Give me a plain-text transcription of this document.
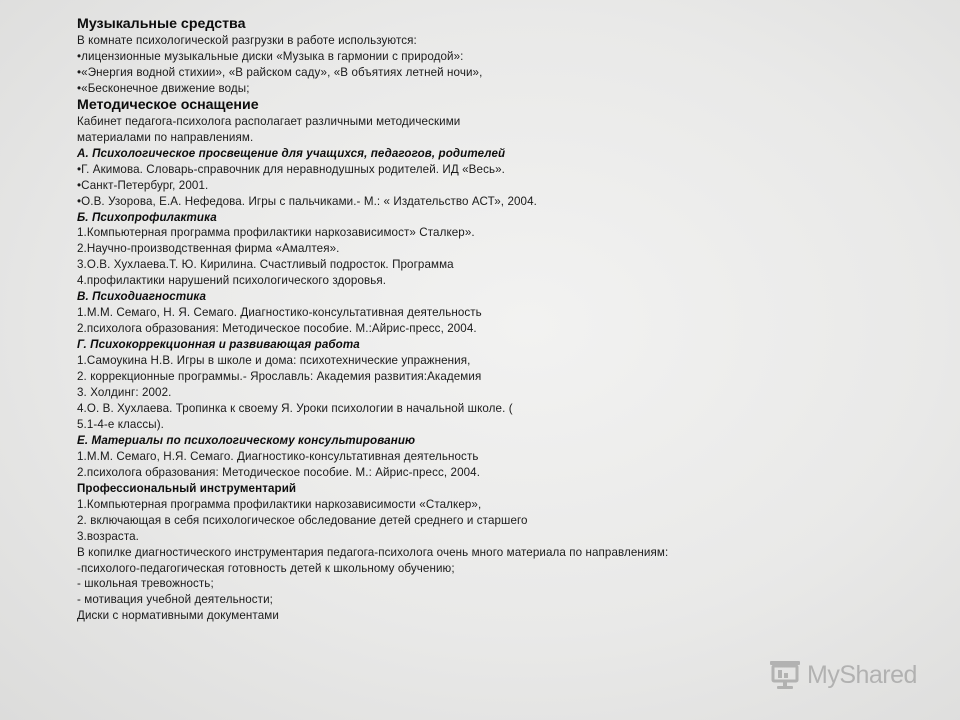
Музыкальные средства
В комнате психологической разгрузки в работе используются:
•лицензионные музыкальные диски «Музыка в гармонии с природой»:
•«Энергия водной стихии», «В райском саду», «В объятиях летней ночи»,
•«Бесконечное движение воды;
Методическое оснащение
Кабинет педагога-психолога располагает различными методическими
материалами по направлениям.
А. Психологическое просвещение для учащихся, педагогов, родителей
•Г. Акимова. Словарь-справочник для неравнодушных родителей. ИД «Весь».
•Санкт-Петербург, 2001.
•О.В. Узорова, Е.А. Нефедова. Игры с пальчиками.- М.: « Издательство АСТ», 2004.
Б. Психопрофилактика
1.Компьютерная программа профилактики наркозависимост» Сталкер».
2.Научно-производственная фирма «Амалтея».
3.О.В. Хухлаева.Т. Ю. Кирилина. Счастливый подросток. Программа
4.профилактики нарушений психологического здоровья.
В. Психодиагностика
1.М.М. Семаго, Н. Я. Семаго. Диагностико-консультативная деятельность
2.психолога образования: Методическое пособие. М.:Айрис-пресс, 2004.
Г. Психокоррекционная и развивающая работа
1.Самоукина Н.В. Игры в школе и дома: психотехнические упражнения,
2. коррекционные программы.- Ярославль: Академия развития:Академия
3. Холдинг: 2002.
4.О. В. Хухлаева. Тропинка к своему Я. Уроки психологии в начальной школе. (
5.1-4-е классы).
Е. Материалы по психологическому консультированию
1.М.М. Семаго, Н.Я. Семаго. Диагностико-консультативная деятельность
2.психолога образования: Методическое пособие. М.: Айрис-пресс, 2004.
Профессиональный инструментарий
1.Компьютерная программа профилактики наркозависимости «Сталкер»,
2. включающая в себя психологическое обследование детей среднего и старшего
3.возраста.
В копилке диагностического инструментария педагога-психолога очень много материала по направлениям:
-психолого-педагогическая готовность детей к школьному обучению;
- школьная тревожность;
- мотивация учебной деятельности;
Диски с нормативными документами
MyShared
